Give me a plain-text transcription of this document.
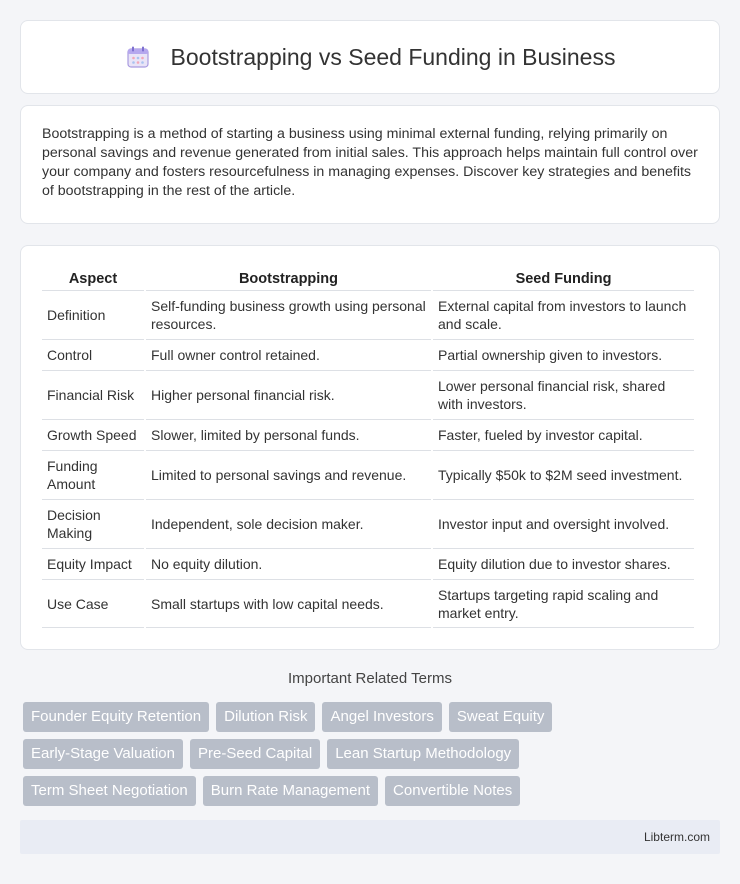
Bootstrapping vs Seed Funding in Business

Bootstrapping is a method of starting a business using minimal external funding, relying primarily on personal savings and revenue generated from initial sales. This approach helps maintain full control over your company and fosters resourcefulness in managing expenses. Discover key strategies and benefits of bootstrapping in the rest of the article.

Aspect	Bootstrapping	Seed Funding
Definition	Self-funding business growth using personal resources.	External capital from investors to launch and scale.
Control	Full owner control retained.	Partial ownership given to investors.
Financial Risk	Higher personal financial risk.	Lower personal financial risk, shared with investors.
Growth Speed	Slower, limited by personal funds.	Faster, fueled by investor capital.
Funding Amount	Limited to personal savings and revenue.	Typically $50k to $2M seed investment.
Decision Making	Independent, sole decision maker.	Investor input and oversight involved.
Equity Impact	No equity dilution.	Equity dilution due to investor shares.
Use Case	Small startups with low capital needs.	Startups targeting rapid scaling and market entry.
Important Related Terms
Founder Equity Retention	Dilution Risk	Angel Investors	Sweat Equity
Early-Stage Valuation	Pre-Seed Capital	Lean Startup Methodology
Term Sheet Negotiation	Burn Rate Management	Convertible Notes
Libterm.com
